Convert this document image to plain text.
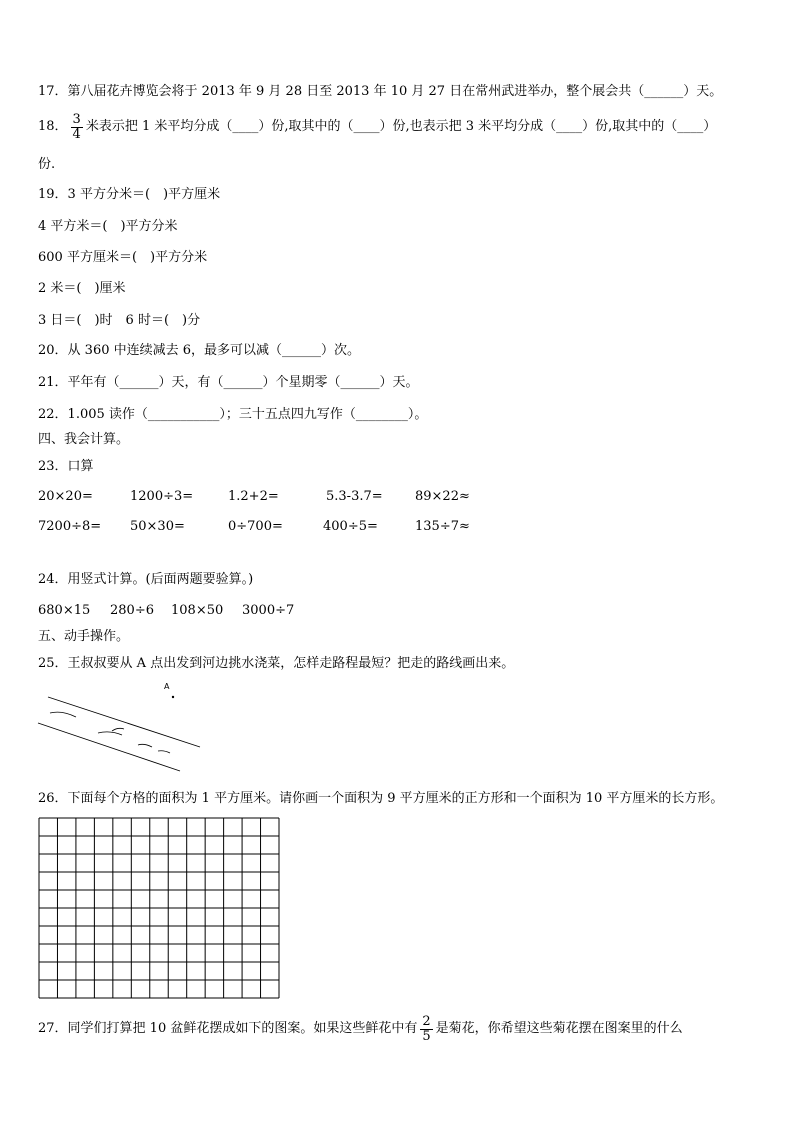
17．第八届花卉博览会将于 2013 年 9 月 28 日至 2013 年 10 月 27 日在常州武进举办，整个展会共（______）天。
18． $\frac{3}{4}$ 米表示把 1 米平均分成（____）份,取其中的（____）份,也表示把 3 米平均分成（____）份,取其中的（____）
份.
19．3 平方分米＝(　)平方厘米
4 平方米＝(　)平方分米
600 平方厘米＝(　)平方分米
2 米＝(　)厘米
3 日＝(　)时　6 时＝(　)分
20．从 360 中连续减去 6，最多可以减（______）次。
21．平年有（______）天，有（______）个星期零（______）天。
22．1.005 读作（___________）；三十五点四九写作（________）。
四、我会计算。
23．口算
20×20=	1200÷3=	1.2+2=	5.3-3.7= 89×22≈
7200÷8= 50×30=	0÷700=	400÷5=	135÷7≈
24．用竖式计算。(后面两题要验算。)
680×15 280÷6 108×50 3000÷7
五、动手操作。
25．王叔叔要从 A 点出发到河边挑水浇菜，怎样走路程最短？把走的路线画出来。
A
26．下面每个方格的面积为 1 平方厘米。请你画一个面积为 9 平方厘米的正方形和一个面积为 10 平方厘米的长方形。
27．同学们打算把 10 盆鲜花摆成如下的图案。如果这些鲜花中有 $\frac{2}{5}$ 是菊花，你希望这些菊花摆在图案里的什么
